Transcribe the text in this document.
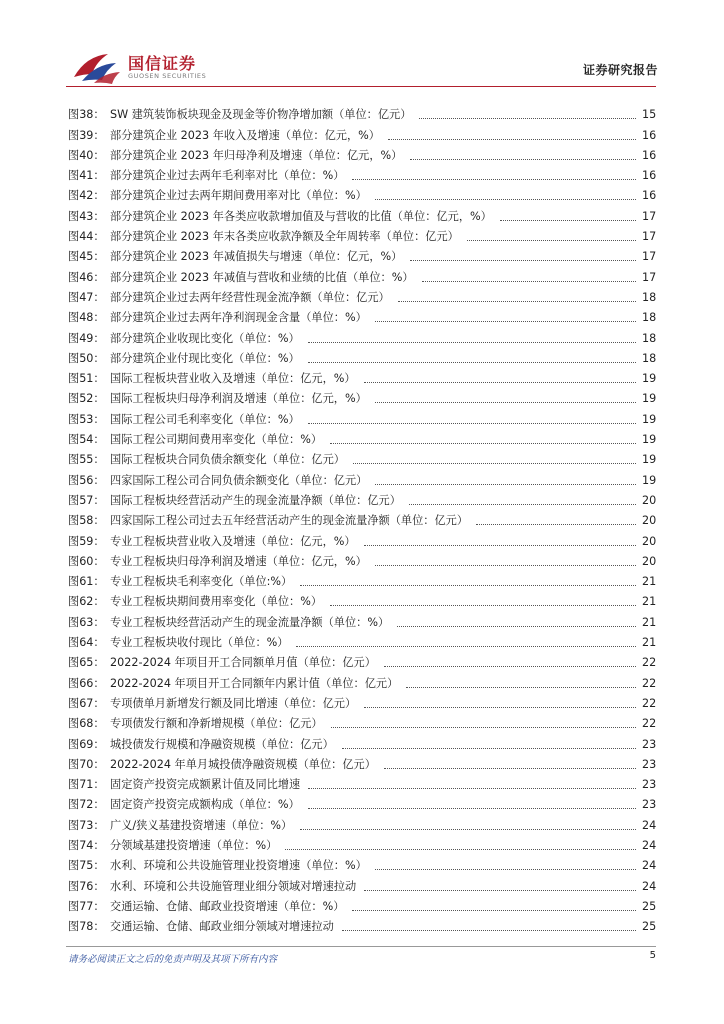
国信证券
GUOSEN SECURITIES	证券研究报告
图38： SW 建筑装饰板块现金及现金等价物净增加额（单位：亿元）	15
图39： 部分建筑企业 2023 年收入及增速（单位：亿元，%）	16
图40： 部分建筑企业 2023 年归母净利及增速（单位：亿元，%）	16
图41： 部分建筑企业过去两年毛利率对比（单位：%）	16
图42： 部分建筑企业过去两年期间费用率对比（单位：%）	16
图43： 部分建筑企业 2023 年各类应收款增加值及与营收的比值（单位：亿元，%）	17
图44： 部分建筑企业 2023 年末各类应收款净额及全年周转率（单位：亿元）	17
图45： 部分建筑企业 2023 年减值损失与增速（单位：亿元，%）	17
图46： 部分建筑企业 2023 年减值与营收和业绩的比值（单位：%）	17
图47： 部分建筑企业过去两年经营性现金流净额（单位：亿元）	18
图48： 部分建筑企业过去两年净利润现金含量（单位：%）	18
图49： 部分建筑企业收现比变化（单位：%）	18
图50： 部分建筑企业付现比变化（单位：%）	18
图51： 国际工程板块营业收入及增速（单位：亿元，%）	19
图52： 国际工程板块归母净利润及增速（单位：亿元，%）	19
图53： 国际工程公司毛利率变化（单位：%）	19
图54： 国际工程公司期间费用率变化（单位：%）	19
图55： 国际工程板块合同负债余额变化（单位：亿元）	19
图56： 四家国际工程公司合同负债余额变化（单位：亿元）	19
图57： 国际工程板块经营活动产生的现金流量净额（单位：亿元）	20
图58： 四家国际工程公司过去五年经营活动产生的现金流量净额（单位：亿元）	20
图59： 专业工程板块营业收入及增速（单位：亿元，%）	20
图60： 专业工程板块归母净利润及增速（单位：亿元，%）	20
图61： 专业工程板块毛利率变化（单位:%）	21
图62： 专业工程板块期间费用率变化（单位：%）	21
图63： 专业工程板块经营活动产生的现金流量净额（单位：%）	21
图64： 专业工程板块收付现比（单位：%）	21
图65： 2022-2024 年项目开工合同额单月值（单位：亿元）	22
图66： 2022-2024 年项目开工合同额年内累计值（单位：亿元）	22
图67： 专项债单月新增发行额及同比增速（单位：亿元）	22
图68： 专项债发行额和净新增规模（单位：亿元）	22
图69： 城投债发行规模和净融资规模（单位：亿元）	23
图70： 2022-2024 年单月城投债净融资规模（单位：亿元）	23
图71： 固定资产投资完成额累计值及同比增速	23
图72： 固定资产投资完成额构成（单位：%）	23
图73： 广义/狭义基建投资增速（单位：%）	24
图74： 分领域基建投资增速（单位：%）	24
图75： 水利、环境和公共设施管理业投资增速（单位：%）	24
图76： 水利、环境和公共设施管理业细分领域对增速拉动	24
图77： 交通运输、仓储、邮政业投资增速（单位：%）	25
图78： 交通运输、仓储、邮政业细分领域对增速拉动	25
请务必阅读正文之后的免责声明及其项下所有内容	5
